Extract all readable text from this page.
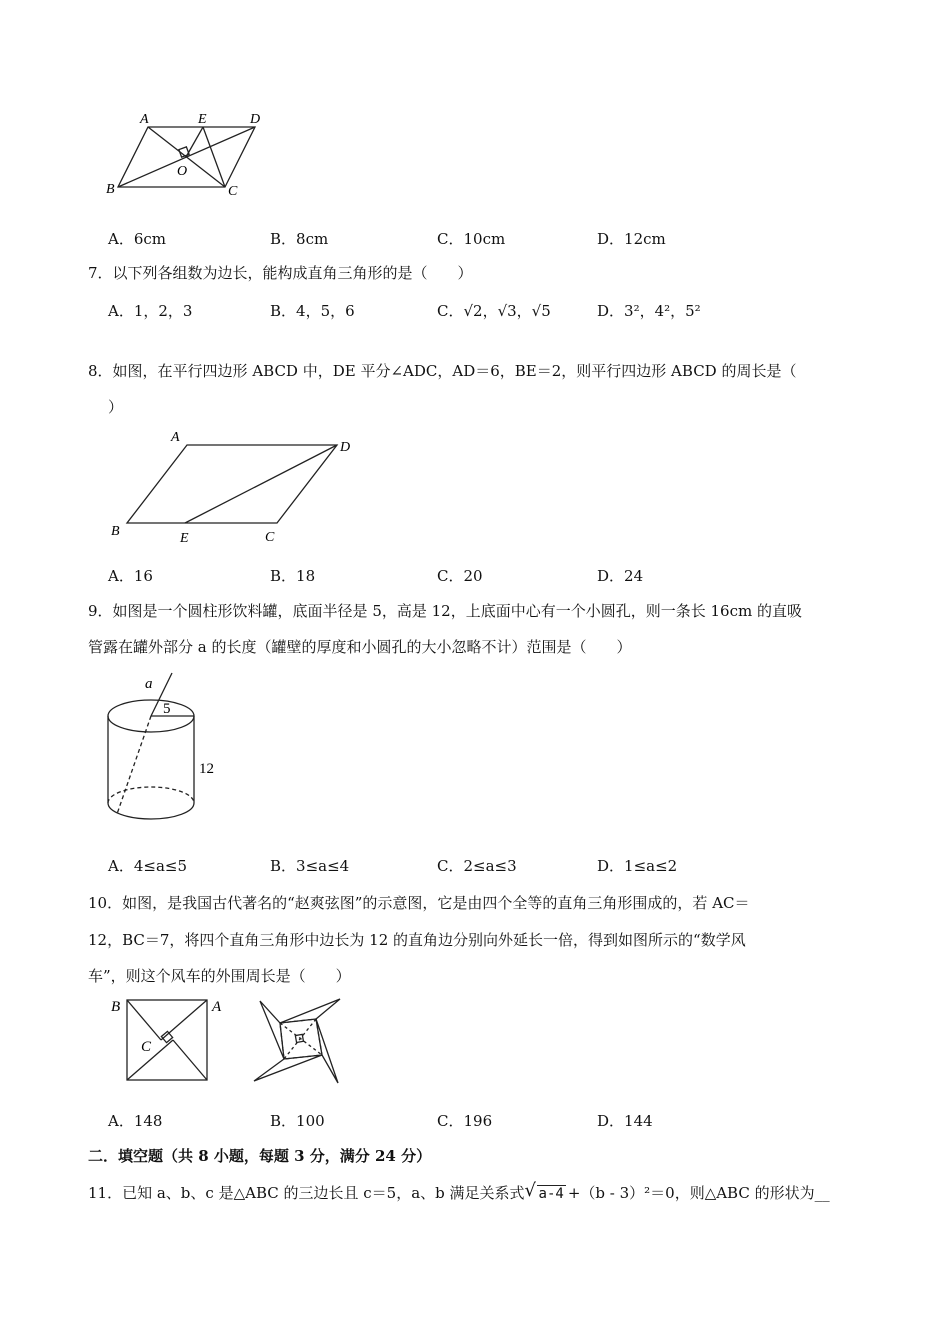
A	E	D
O
B	C
A．6cm	B．8cm	C．10cm	D．12cm
7．以下列各组数为边长，能构成直角三角形的是（　　）
A．1，2，3	B．4，5，6	C．√2，√3，√5	D．3²，4²，5²
8．如图，在平行四边形 ABCD 中，DE 平分∠ADC，AD＝6，BE＝2，则平行四边形 ABCD 的周长是（
）
A
D
B	E	C
A．16	B．18	C．20	D．24
9．如图是一个圆柱形饮料罐，底面半径是 5，高是 12，上底面中心有一个小圆孔，则一条长 16cm 的直吸
管露在罐外部分 a 的长度（罐壁的厚度和小圆孔的大小忽略不计）范围是（　　）
a
5
12
A．4≤a≤5	B．3≤a≤4	C．2≤a≤3	D．1≤a≤2
10．如图，是我国古代著名的“赵爽弦图”的示意图，它是由四个全等的直角三角形围成的，若 AC＝
12，BC＝7，将四个直角三角形中边长为 12 的直角边分别向外延长一倍，得到如图所示的“数学风
车”，则这个风车的外围周长是（　　）
B	A
C
A．148	B．100	C．196	D．144
二．填空题（共 8 小题，每题 3 分，满分 24 分）
11．已知 a、b、c 是△ABC 的三边长且 c＝5，a、b 满足关系式 √ a-4 +（b - 3）²＝0，则△ABC 的形状为__
